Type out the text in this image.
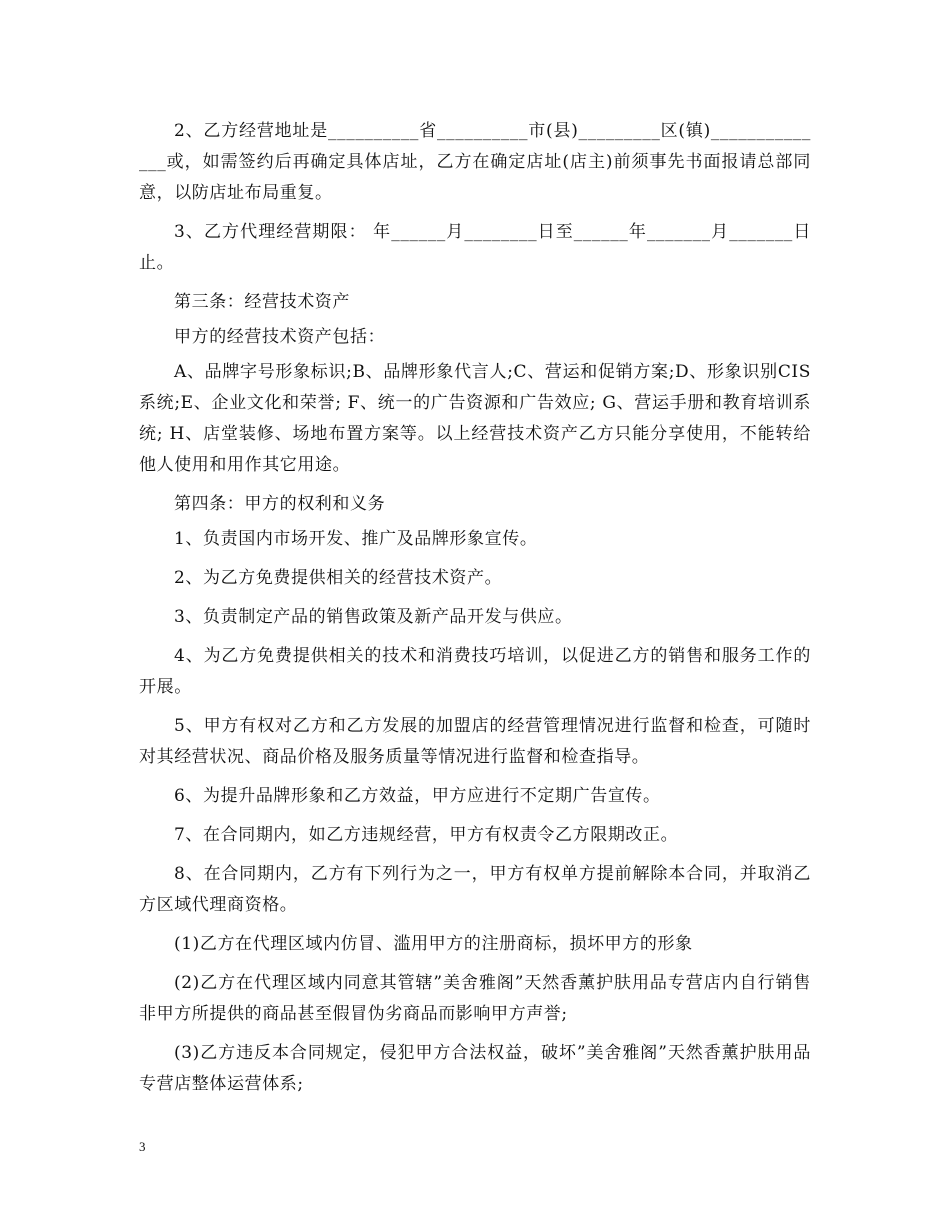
2、乙方经营地址是__________省__________市(县)_________区(镇)______________或，如需签约后再确定具体店址，乙方在确定店址(店主)前须事先书面报请总部同意，以防店址布局重复。

3、乙方代理经营期限： 年______月________日至______年_______月_______日止。

第三条：经营技术资产

甲方的经营技术资产包括：

A、品牌字号形象标识;B、品牌形象代言人;C、营运和促销方案;D、形象识别CIS系统;E、企业文化和荣誉; F、统一的广告资源和广告效应; G、营运手册和教育培训系统; H、店堂装修、场地布置方案等。以上经营技术资产乙方只能分享使用，不能转给他人使用和用作其它用途。

第四条：甲方的权利和义务

1、负责国内市场开发、推广及品牌形象宣传。

2、为乙方免费提供相关的经营技术资产。

3、负责制定产品的销售政策及新产品开发与供应。

4、为乙方免费提供相关的技术和消费技巧培训，以促进乙方的销售和服务工作的开展。

5、甲方有权对乙方和乙方发展的加盟店的经营管理情况进行监督和检查，可随时对其经营状况、商品价格及服务质量等情况进行监督和检查指导。

6、为提升品牌形象和乙方效益，甲方应进行不定期广告宣传。

7、在合同期内，如乙方违规经营，甲方有权责令乙方限期改正。

8、在合同期内，乙方有下列行为之一，甲方有权单方提前解除本合同，并取消乙方区域代理商资格。

(1)乙方在代理区域内仿冒、滥用甲方的注册商标，损坏甲方的形象

(2)乙方在代理区域内同意其管辖”美舍雅阁”天然香薰护肤用品专营店内自行销售非甲方所提供的商品甚至假冒伪劣商品而影响甲方声誉;

(3)乙方违反本合同规定，侵犯甲方合法权益，破坏”美舍雅阁”天然香薰护肤用品专营店整体运营体系;

3
